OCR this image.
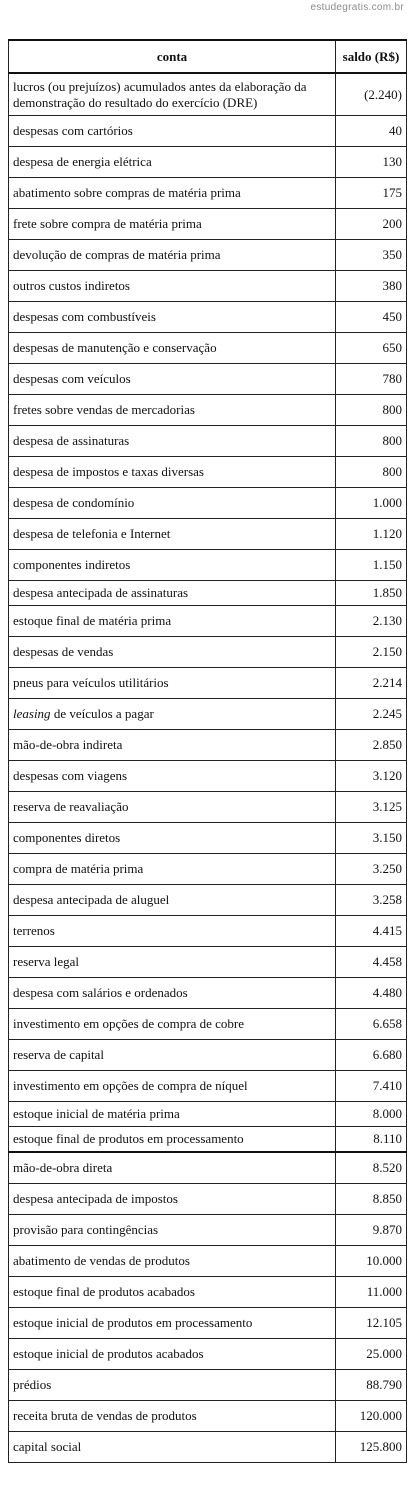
estudegratis.com.br
conta	saldo (R$)
lucros (ou prejuízos) acumulados antes da elaboração da demonstração do resultado do exercício (DRE)	(2.240)
despesas com cartórios	40
despesa de energia elétrica	130
abatimento sobre compras de matéria prima	175
frete sobre compra de matéria prima	200
devolução de compras de matéria prima	350
outros custos indiretos	380
despesas com combustíveis	450
despesas de manutenção e conservação	650
despesas com veículos	780
fretes sobre vendas de mercadorias	800
despesa de assinaturas	800
despesa de impostos e taxas diversas	800
despesa de condomínio	1.000
despesa de telefonia e Internet	1.120
componentes indiretos	1.150
despesa antecipada de assinaturas	1.850
estoque final de matéria prima	2.130
despesas de vendas	2.150
pneus para veículos utilitários	2.214
leasing de veículos a pagar	2.245
mão-de-obra indireta	2.850
despesas com viagens	3.120
reserva de reavaliação	3.125
componentes diretos	3.150
compra de matéria prima	3.250
despesa antecipada de aluguel	3.258
terrenos	4.415
reserva legal	4.458
despesa com salários e ordenados	4.480
investimento em opções de compra de cobre	6.658
reserva de capital	6.680
investimento em opções de compra de níquel	7.410
estoque inicial de matéria prima	8.000
estoque final de produtos em processamento	8.110
mão-de-obra direta	8.520
despesa antecipada de impostos	8.850
provisão para contingências	9.870
abatimento de vendas de produtos	10.000
estoque final de produtos acabados	11.000
estoque inicial de produtos em processamento	12.105
estoque inicial de produtos acabados	25.000
prédios	88.790
receita bruta de vendas de produtos	120.000
capital social	125.800
